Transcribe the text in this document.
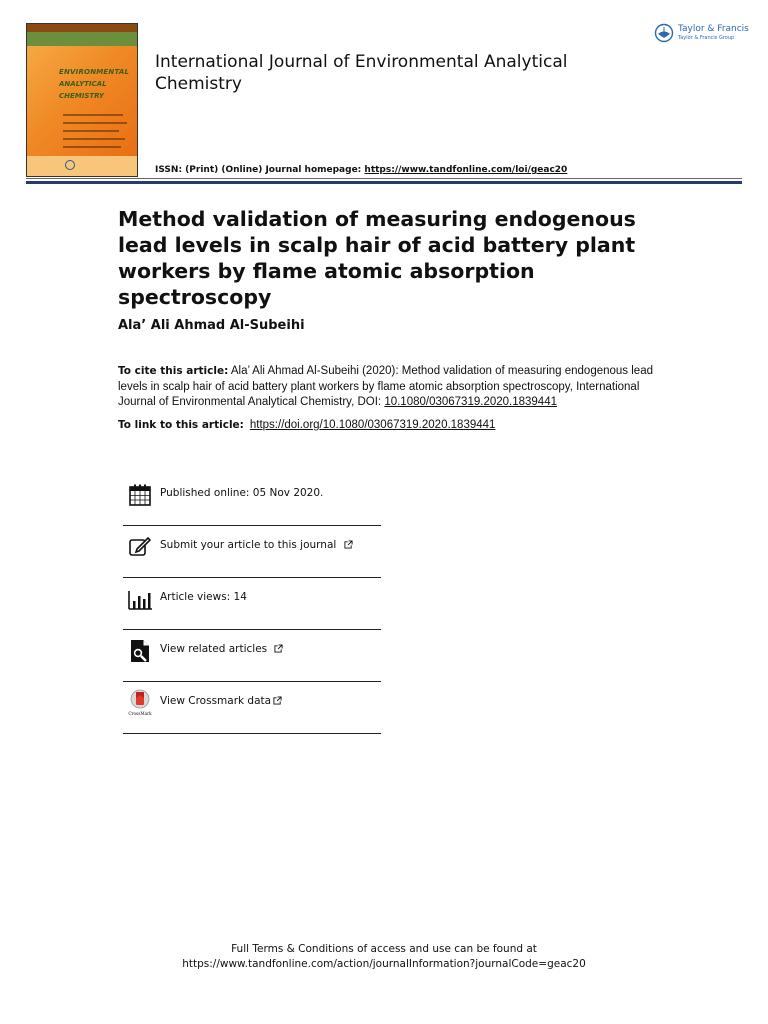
ENVIRONMENTAL
ANALYTICAL
CHEMISTRY
International Journal of Environmental Analytical Chemistry
Taylor & Francis
Taylor & Francis Group
ISSN: (Print) (Online) Journal homepage: https://www.tandfonline.com/loi/geac20
Method validation of measuring endogenous lead levels in scalp hair of acid battery plant workers by flame atomic absorption spectroscopy
Ala’ Ali Ahmad Al-Subeihi
To cite this article: Ala’ Ali Ahmad Al-Subeihi (2020): Method validation of measuring endogenous lead levels in scalp hair of acid battery plant workers by flame atomic absorption spectroscopy, International Journal of Environmental Analytical Chemistry, DOI: 10.1080/03067319.2020.1839441
To link to this article: https://doi.org/10.1080/03067319.2020.1839441
Published online: 05 Nov 2020.
Submit your article to this journal
Article views: 14
View related articles
CrossMark
View Crossmark data
Full Terms & Conditions of access and use can be found at
https://www.tandfonline.com/action/journalInformation?journalCode=geac20
